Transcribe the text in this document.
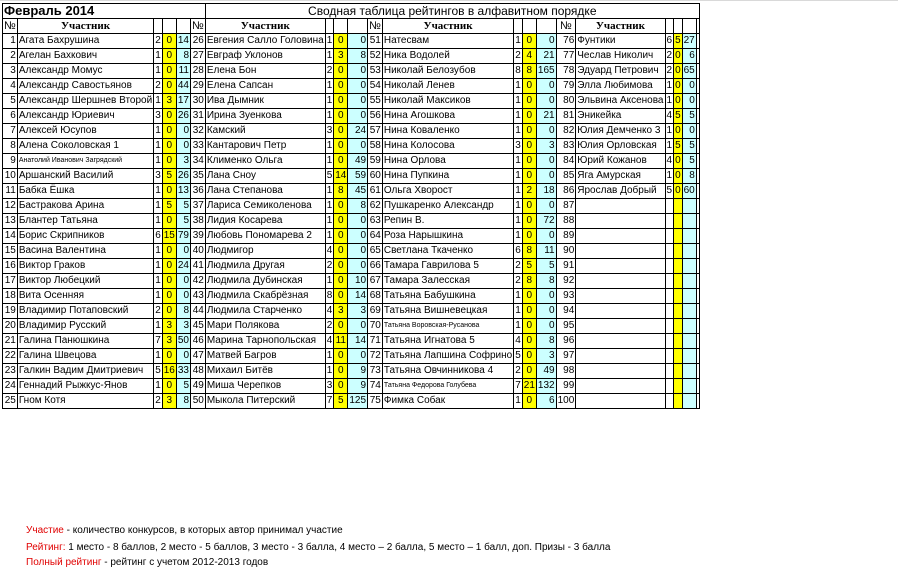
Февраль 2014						Сводная таблица рейтингов в алфавитном порядке														
№	Участник				№	Участник				№	Участник				№	Участник	

1	Агата Бахрушина	2	0	14	26	Евгения Салло Головина	1	0	0	51	Натесвам	1	0	0	76	Фунтики	6	5	27	
2	Агелан Бахкович	1	0	8	27	Евграф Уклонов	1	3	8	52	Ника Водолей	2	4	21	77	Чеслав Николич	2	0	6	
3	Александр Момус	1	0	11	28	Елена Бон	2	0	0	53	Николай Белозубов	8	8	165	78	Эдуард Петрович	2	0	65	
4	Александр Савостьянов	2	0	44	29	Елена Сапсан	1	0	0	54	Николай Ленев	1	0	0	79	Элла Любимова	1	0	0	
5	Александр Шершнев Второй	1	3	17	30	Ива Дымник	1	0	0	55	Николай Максиков	1	0	0	80	Эльвина Аксенова	1	0	0	
6	Александр Юриевич	3	0	26	31	Ирина Зуенкова	1	0	0	56	Нина Агошкова	1	0	21	81	Эникейка	4	5	5	
7	Алексей Юсупов	1	0	0	32	Камский	3	0	24	57	Нина Коваленко	1	0	0	82	Юлия Демченко 3	1	0	0	
8	Алена Соколовская 1	1	0	0	33	Кантарович Петр	1	0	0	58	Нина Колосова	3	0	3	83	Юлия Орловская	1	5	5	
9	Анатолий Иванович Загрядский	1	0	3	34	Клименко Ольга	1	0	49	59	Нина Орлова	1	0	0	84	Юрий Кожанов	4	0	5	
10	Аршанский Василий	3	5	26	35	Лана Сноу	5	14	59	60	Нина Пупкина	1	0	0	85	Яга Амурская	1	0	8	
11	Бабка Ёшка	1	0	13	36	Лана Степанова	1	8	45	61	Ольга Хворост	1	2	18	86	Ярослав Добрый	5	0	60	
12	Бастракова Арина	1	5	5	37	Лариса Семиколенова	1	0	8	62	Пушкаренко Александр	1	0	0	87					
13	Блантер Татьяна	1	0	5	38	Лидия Косарева	1	0	0	63	Репин В.	1	0	72	88					
14	Борис Скрипников	6	15	79	39	Любовь Пономарева 2	1	0	0	64	Роза Нарышкина	1	0	0	89					
15	Васина Валентина	1	0	0	40	Людмигор	4	0	0	65	Светлана Ткаченко	6	8	11	90					
16	Виктор Граков	1	0	24	41	Людмила Другая	2	0	0	66	Тамара Гаврилова 5	2	5	5	91					
17	Виктор Любецкий	1	0	0	42	Людмила Дубинская	1	0	10	67	Тамара Залесская	2	8	8	92					
18	Вита Осенняя	1	0	0	43	Людмила Скабрёзная	8	0	14	68	Татьяна Бабушкина	1	0	0	93					
19	Владимир Потаповский	2	0	8	44	Людмила Старченко	4	3	3	69	Татьяна Вишневецкая	1	0	0	94					
20	Владимир Русский	1	3	3	45	Мари Полякова	2	0	0	70	Татьяна Воровская-Русанова	1	0	0	95					
21	Галина Панюшкина	7	3	50	46	Марина Тарнопольская	4	11	14	71	Татьяна Игнатова 5	4	0	8	96					
22	Галина Швецова	1	0	0	47	Матвей Багров	1	0	0	72	Татьяна Лапшина Софрино	5	0	3	97					
23	Галкин Вадим Дмитриевич	5	16	33	48	Михаил Битёв	1	0	9	73	Татьяна Овчинникова 4	2	0	49	98					
24	Геннадий Рыжкус-Янов	1	0	5	49	Миша Черепков	3	0	9	74	Татьяна Федорова Голубева	7	21	132	99					
25	Гном Котя	2	3	8	50	Мыкола Питерский	7	5	125	75	Фимка Собак	1	0	6	100					
Участие - количество конкурсов, в которых автор принимал участие
Рейтинг: 1 место - 8 баллов, 2 место - 5 баллов, 3 место - 3 балла, 4 место – 2 балла, 5 место – 1 балл, доп. Призы - 3 балла
Полный рейтинг - рейтинг с учетом 2012-2013 годов
